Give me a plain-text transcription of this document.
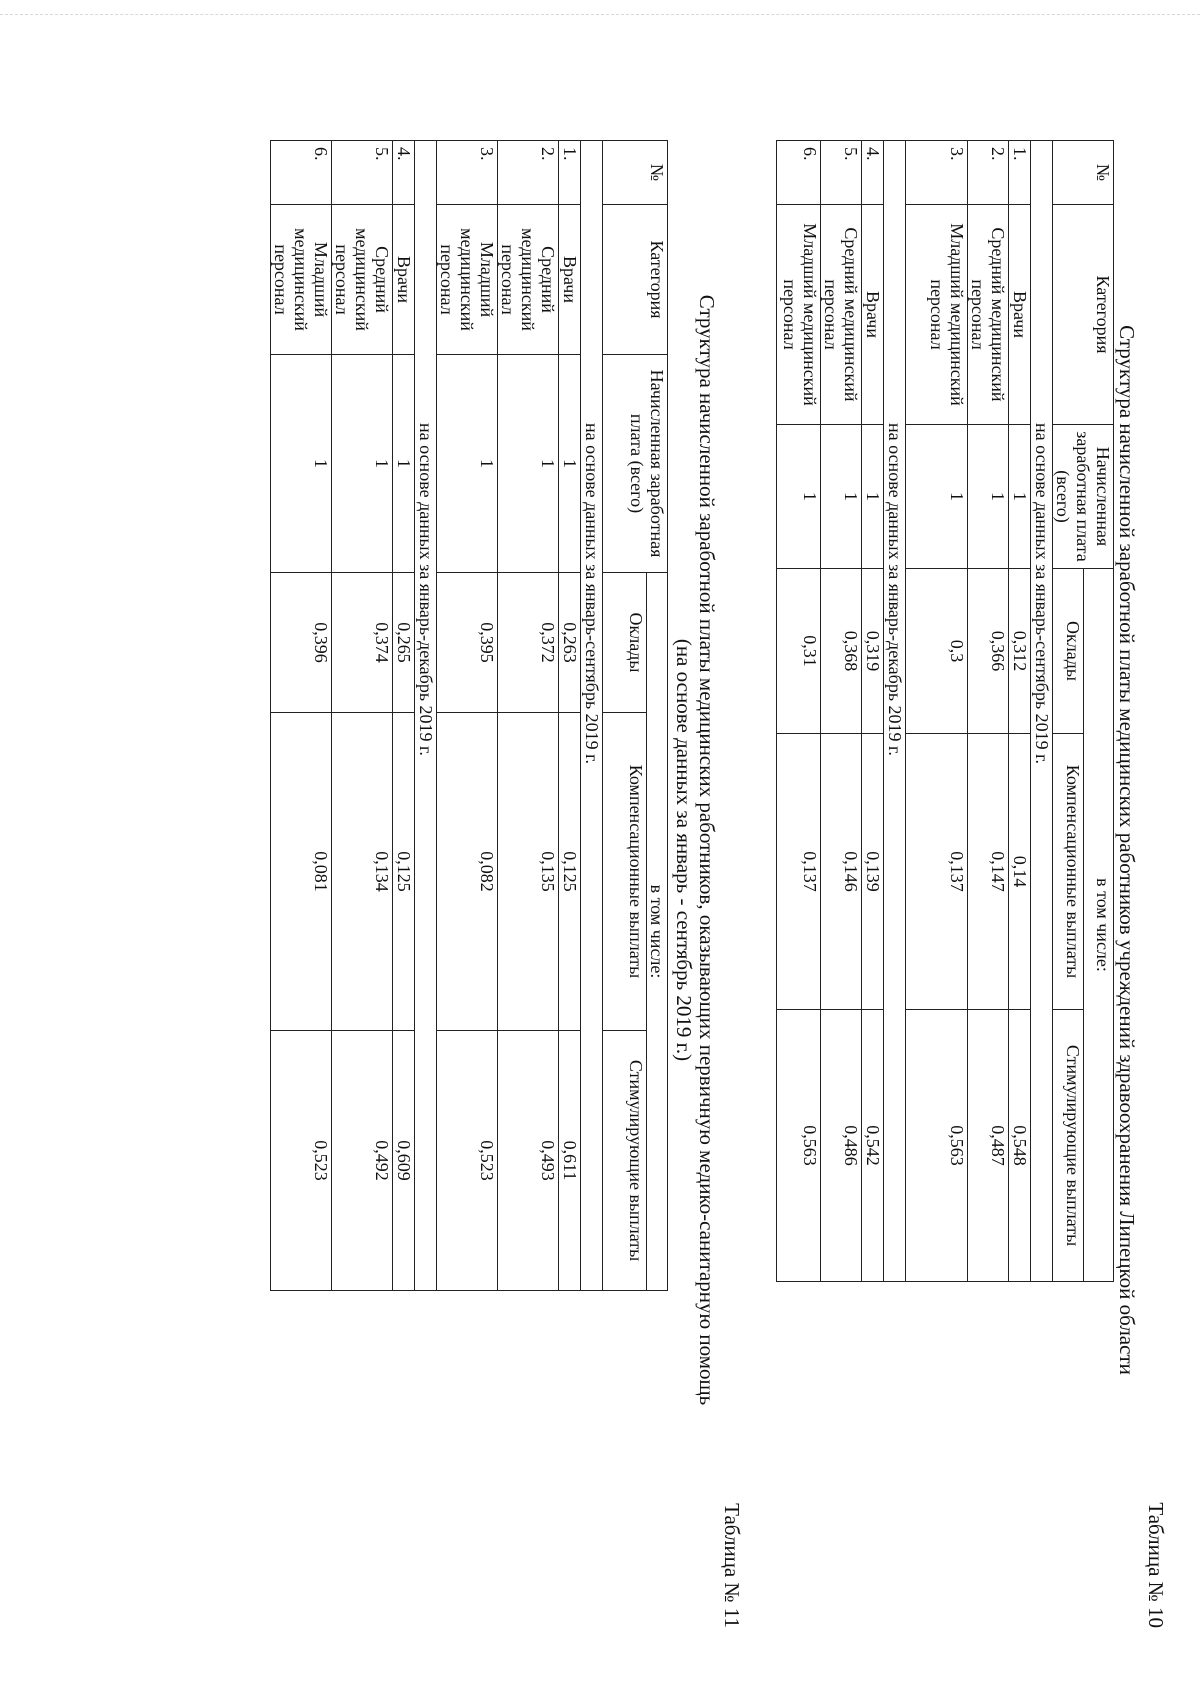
Таблица № 10
Структура начисленной заработной платы медицинских работников учреждений здравоохранения Липецкой области
№	Категория	Начисленная заработная плата (всего)	в том числе:		
			Оклады	Компенсационные выплаты	Стимулирующие выплаты
на основе данных за январь-сентябрь 2019 г.					
1.	Врачи	1	0,312	0,14	0,548
2.	Средний медицинский персонал	1	0,366	0,147	0,487
3.	Младший медицинский персонал	1	0,3	0,137	0,563
на основе данных за январь-декабрь 2019 г.					
4.	Врачи	1	0,319	0,139	0,542
5.	Средний медицинский персонал	1	0,368	0,146	0,486
6.	Младший медицинский персонал	1	0,31	0,137	0,563
Таблица № 11
Структура начисленной заработной платы медицинских работников, оказывающих первичную медико-санитарную помощь
(на основе данных за январь - сентябрь 2019 г.)
№	Категория	Начисленная заработная плата (всего)	в том числе:		
			Оклады	Компенсационные выплаты	Стимулирующие выплаты
на основе данных за январь-сентябрь 2019 г.					
1.	Врачи	1	0,263	0,125	0,611
2.	Средний медицинский персонал	1	0,372	0,135	0,493
3.	Младший медицинский персонал	1	0,395	0,082	0,523
на основе данных за январь-декабрь 2019 г.					
4.	Врачи	1	0,265	0,125	0,609
5.	Средний медицинский персонал	1	0,374	0,134	0,492
6.	Младший медицинский персонал	1	0,396	0,081	0,523
